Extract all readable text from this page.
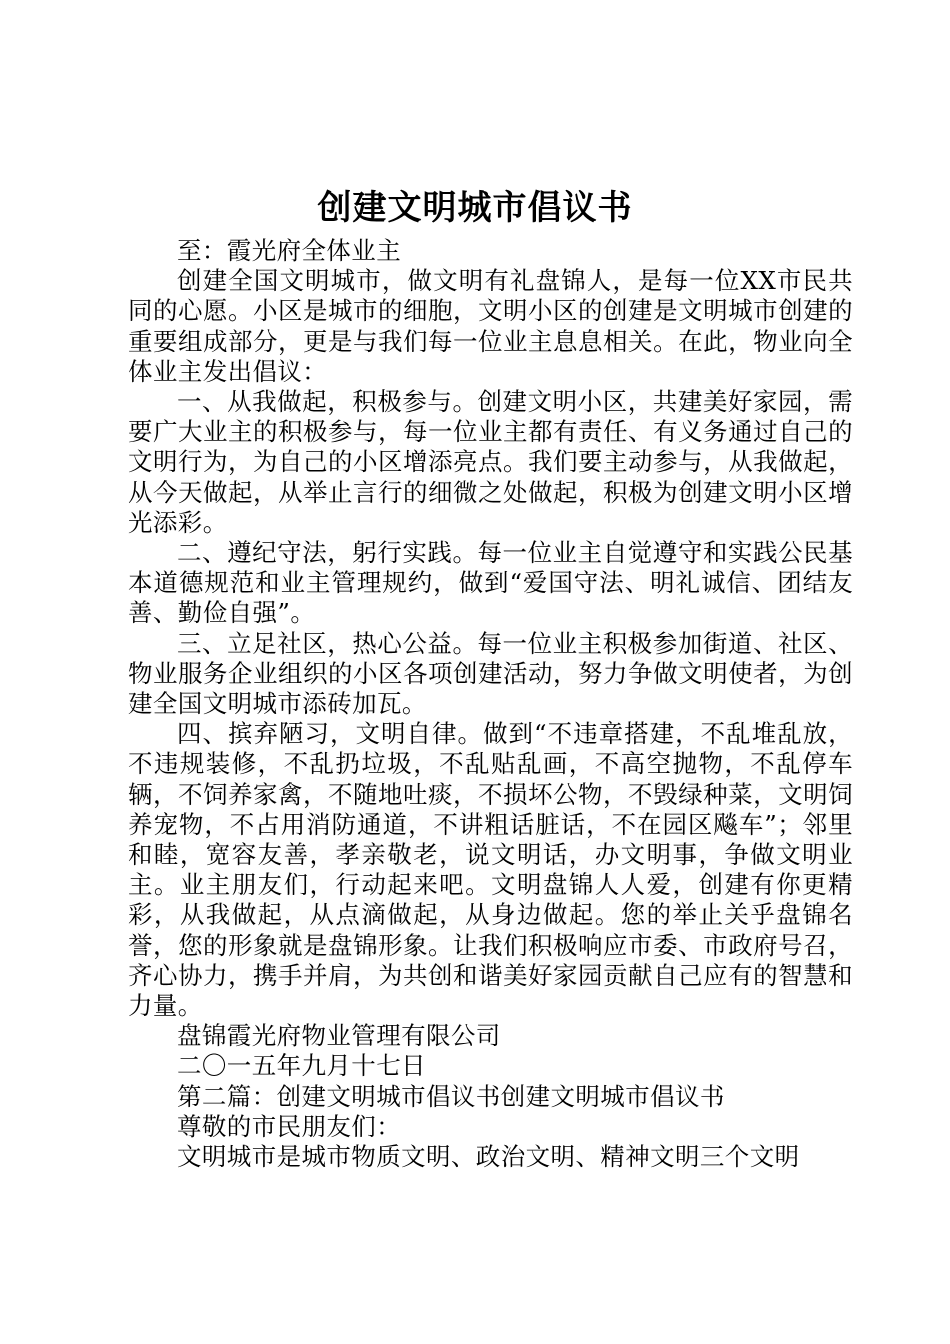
创建文明城市倡议书

至：霞光府全体业主

创建全国文明城市，做文明有礼盘锦人，是每一位XX市民共同的心愿。小区是城市的细胞，文明小区的创建是文明城市创建的重要组成部分，更是与我们每一位业主息息相关。在此，物业向全体业主发出倡议：

一、从我做起，积极参与。创建文明小区，共建美好家园，需要广大业主的积极参与，每一位业主都有责任、有义务通过自己的文明行为，为自己的小区增添亮点。我们要主动参与，从我做起，从今天做起，从举止言行的细微之处做起，积极为创建文明小区增光添彩。

二、遵纪守法，躬行实践。每一位业主自觉遵守和实践公民基本道德规范和业主管理规约，做到“爱国守法、明礼诚信、团结友善、勤俭自强”。

三、立足社区，热心公益。每一位业主积极参加街道、社区、物业服务企业组织的小区各项创建活动，努力争做文明使者，为创建全国文明城市添砖加瓦。

四、摈弃陋习，文明自律。做到“不违章搭建，不乱堆乱放，不违规装修，不乱扔垃圾，不乱贴乱画，不高空抛物，不乱停车辆，不饲养家禽，不随地吐痰，不损坏公物，不毁绿种菜，文明饲养宠物，不占用消防通道，不讲粗话脏话，不在园区飚车”；邻里和睦，宽容友善，孝亲敬老，说文明话，办文明事，争做文明业主。业主朋友们，行动起来吧。文明盘锦人人爱，创建有你更精彩，从我做起，从点滴做起，从身边做起。您的举止关乎盘锦名誉，您的形象就是盘锦形象。让我们积极响应市委、市政府号召，齐心协力，携手并肩，为共创和谐美好家园贡献自己应有的智慧和力量。

盘锦霞光府物业管理有限公司

二〇一五年九月十七日

第二篇：创建文明城市倡议书创建文明城市倡议书

尊敬的市民朋友们：

文明城市是城市物质文明、政治文明、精神文明三个文明
